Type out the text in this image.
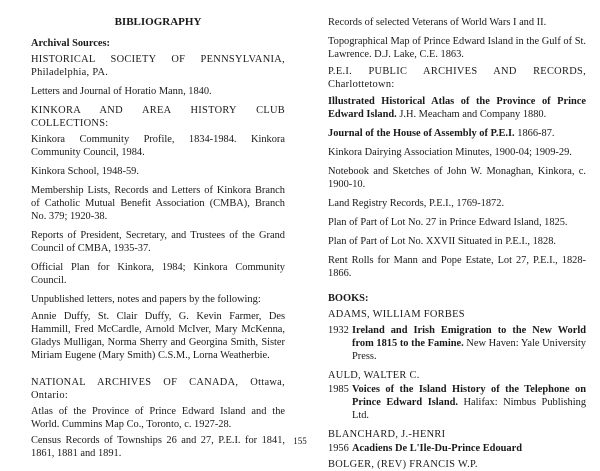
BIBLIOGRAPHY

Archival Sources:

HISTORICAL SOCIETY OF PENNSYLVANIA, Philadelphia, PA.

Letters and Journal of Horatio Mann, 1840.

KINKORA AND AREA HISTORY CLUB COLLECTIONS:

Kinkora Community Profile, 1834-1984. Kinkora Community Council, 1984.

Kinkora School, 1948-59.

Membership Lists, Records and Letters of Kinkora Branch of Catholic Mutual Benefit Association (CMBA), Branch No. 379; 1920-38.

Reports of President, Secretary, and Trustees of the Grand Council of CMBA, 1935-37.

Official Plan for Kinkora, 1984; Kinkora Community Council.

Unpublished letters, notes and papers by the following:

Annie Duffy, St. Clair Duffy, G. Kevin Farmer, Des Hammill, Fred McCardle, Arnold McIver, Mary McKenna, Gladys Mulligan, Norma Sherry and Georgina Smith, Sister Miriam Eugene (Mary Smith) C.S.M., Lorna Weatherbie.

NATIONAL ARCHIVES OF CANADA, Ottawa, Ontario:

Atlas of the Province of Prince Edward Island and the World. Cummins Map Co., Toronto, c. 1927-28.

Census Records of Townships 26 and 27, P.E.I. for 1841, 1861, 1881 and 1891.

Records of selected Veterans of World Wars I and II.

Topographical Map of Prince Edward Island in the Gulf of St. Lawrence. D.J. Lake, C.E. 1863.

P.E.I. PUBLIC ARCHIVES AND RECORDS, Charlottetown:

Illustrated Historical Atlas of the Province of Prince Edward Island. J.H. Meacham and Company 1880.

Journal of the House of Assembly of P.E.I. 1866-87.

Kinkora Dairying Association Minutes, 1900-04; 1909-29.

Notebook and Sketches of John W. Monaghan, Kinkora, c. 1900-10.

Land Registry Records, P.E.I., 1769-1872.

Plan of Part of Lot No. 27 in Prince Edward Island, 1825.

Plan of Part of Lot No. XXVII Situated in P.E.I., 1828.

Rent Rolls for Mann and Pope Estate, Lot 27, P.E.I., 1828-1866.

BOOKS:

ADAMS, WILLIAM FORBES

1932 Ireland and Irish Emigration to the New World from 1815 to the Famine. New Haven: Yale University Press.

AULD, WALTER C.

1985 Voices of the Island History of the Telephone on Prince Edward Island. Halifax: Nimbus Publishing Ltd.

BLANCHARD, J.-HENRI

1956 Acadiens De L'Ile-Du-Prince Edouard

BOLGER, (REV) FRANCIS W.P.

155
